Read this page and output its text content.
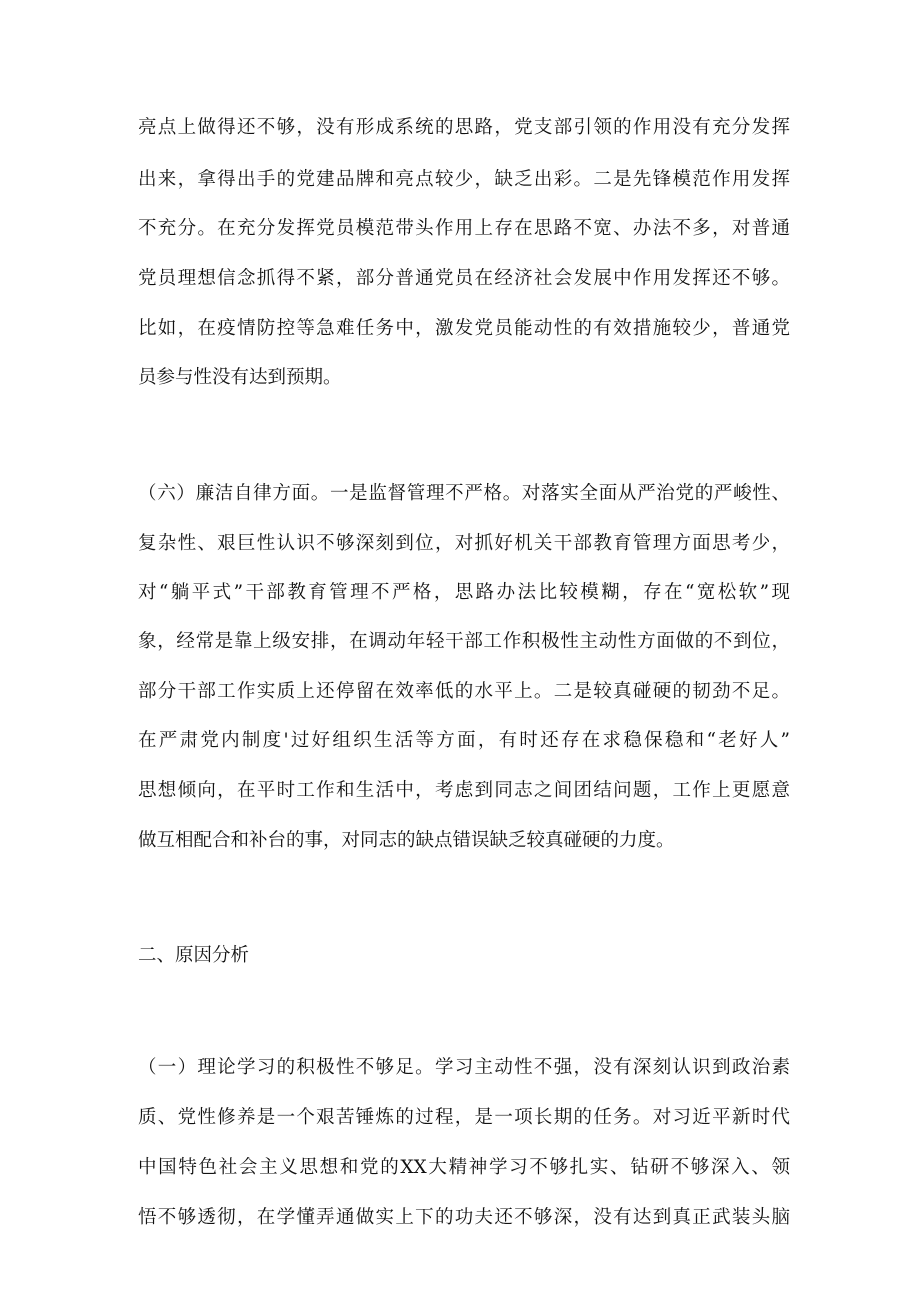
亮点上做得还不够，没有形成系统的思路，党支部引领的作用没有充分发挥
出来，拿得出手的党建品牌和亮点较少，缺乏出彩。二是先锋模范作用发挥
不充分。在充分发挥党员模范带头作用上存在思路不宽、办法不多，对普通
党员理想信念抓得不紧，部分普通党员在经济社会发展中作用发挥还不够。
比如，在疫情防控等急难任务中，激发党员能动性的有效措施较少，普通党
员参与性没有达到预期。
（六）廉洁自律方面。一是监督管理不严格。对落实全面从严治党的严峻性、
复杂性、艰巨性认识不够深刻到位，对抓好机关干部教育管理方面思考少，
对“躺平式”干部教育管理不严格，思路办法比较模糊，存在“宽松软”现
象，经常是靠上级安排，在调动年轻干部工作积极性主动性方面做的不到位，
部分干部工作实质上还停留在效率低的水平上。二是较真碰硬的韧劲不足。
在严肃党内制度'过好组织生活等方面，有时还存在求稳保稳和“老好人”
思想倾向，在平时工作和生活中，考虑到同志之间团结问题，工作上更愿意
做互相配合和补台的事，对同志的缺点错误缺乏较真碰硬的力度。
二、原因分析
（一）理论学习的积极性不够足。学习主动性不强，没有深刻认识到政治素
质、党性修养是一个艰苦锤炼的过程，是一项长期的任务。对习近平新时代
中国特色社会主义思想和党的XX大精神学习不够扎实、钻研不够深入、领
悟不够透彻，在学懂弄通做实上下的功夫还不够深，没有达到真正武装头脑
